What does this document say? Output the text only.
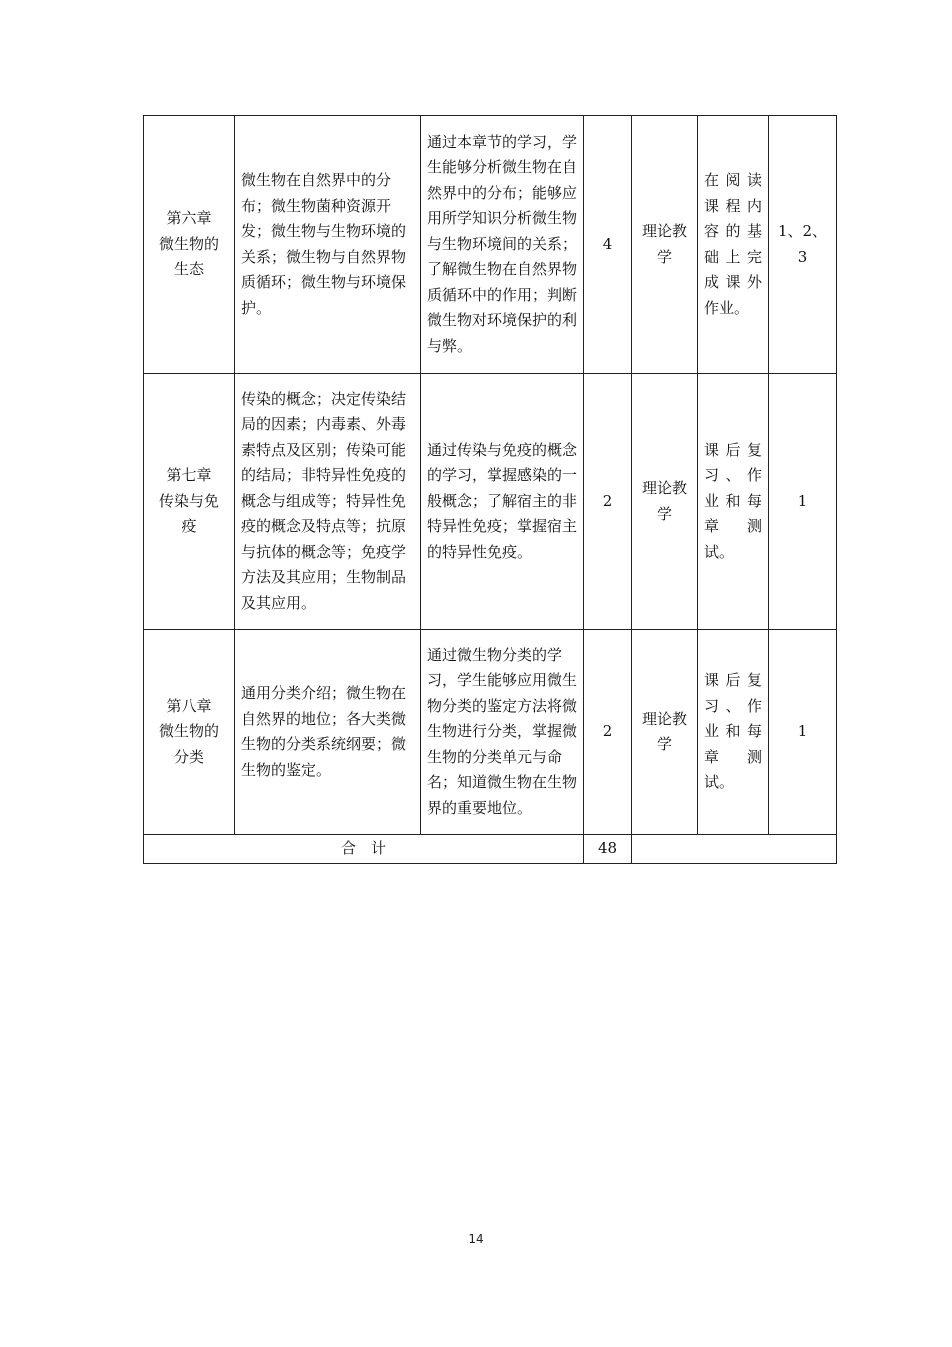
第六章
微生物的
生态	微生物在自然界中的分布；微生物菌种资源开发；微生物与生物环境的关系；微生物与自然界物质循环；微生物与环境保护。	通过本章节的学习，学生能够分析微生物在自然界中的分布；能够应用所学知识分析微生物与生物环境间的关系；了解微生物在自然界物质循环中的作用；判断微生物对环境保护的利与弊。	4	理论教学	在阅读课程内容的基础上完成课外作业。	1、2、3

第七章
传染与免
疫	传染的概念；决定传染结局的因素；内毒素、外毒素特点及区别；传染可能的结局；非特异性免疫的概念与组成等；特异性免疫的概念及特点等；抗原与抗体的概念等；免疫学方法及其应用；生物制品及其应用。	通过传染与免疫的概念的学习，掌握感染的一般概念；了解宿主的非特异性免疫；掌握宿主的特异性免疫。	2	理论教学	课后复习、作业和每章 测试。	1

第八章
微生物的
分类	通用分类介绍；微生物在自然界的地位；各大类微生物的分类系统纲要；微生物的鉴定。	通过微生物分类的学习，学生能够应用微生物分类的鉴定方法将微生物进行分类，掌握微生物的分类单元与命名；知道微生物在生物界的重要地位。	2	理论教学	课后复习、作业和每章 测试。	1
合　计			48			
14
